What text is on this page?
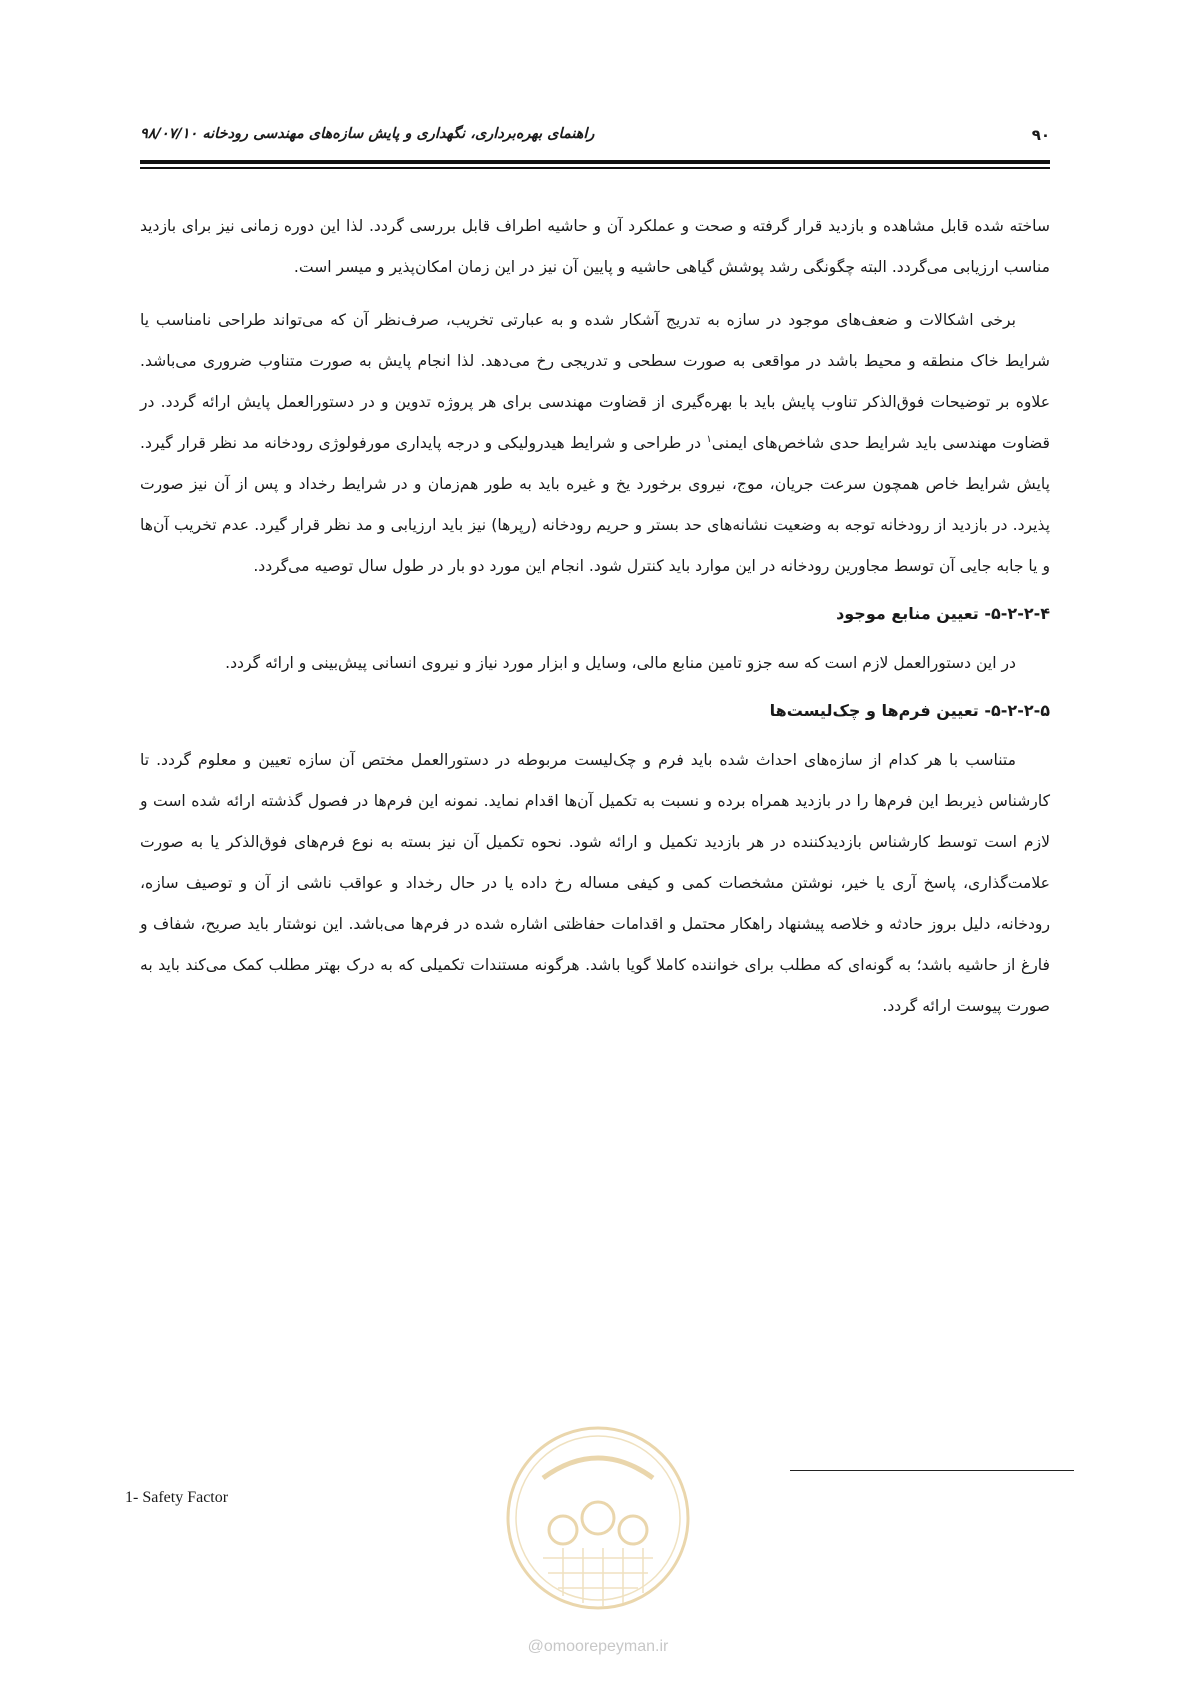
۹۰
راهنمای بهره‌برداری، نگهداری و پایش سازه‌های مهندسی رودخانه ۹۸/۰۷/۱۰

ساخته شده قابل مشاهده و بازدید قرار گرفته و صحت و عملکرد آن و حاشیه اطراف قابل بررسی گردد. لذا این دوره زمانی نیز برای بازدید مناسب ارزیابی می‌گردد. البته چگونگی رشد پوشش گیاهی حاشیه و پایین آن نیز در این زمان امکان‌پذیر و میسر است.

برخی اشکالات و ضعف‌های موجود در سازه به تدریج آشکار شده و به عبارتی تخریب، صرف‌نظر آن که می‌تواند طراحی نامناسب یا شرایط خاک منطقه و محیط باشد در مواقعی به صورت سطحی و تدریجی رخ می‌دهد. لذا انجام پایش به صورت متناوب ضروری می‌باشد. علاوه بر توضیحات فوق‌الذکر تناوب پایش باید با بهره‌گیری از قضاوت مهندسی برای هر پروژه تدوین و در دستورالعمل پایش ارائه گردد. در قضاوت مهندسی باید شرایط حدی شاخص‌های ایمنی$^۱$ در طراحی و شرایط هیدرولیکی و درجه پایداری مورفولوژی رودخانه مد نظر قرار گیرد. پایش شرایط خاص همچون سرعت جریان، موج، نیروی برخورد یخ و غیره باید به طور هم‌زمان و در شرایط رخداد و پس از آن نیز صورت پذیرد. در بازدید از رودخانه توجه به وضعیت نشانه‌های حد بستر و حریم رودخانه (رپرها) نیز باید ارزیابی و مد نظر قرار گیرد. عدم تخریب آن‌ها و یا جابه جایی آن توسط مجاورین رودخانه در این موارد باید کنترل شود. انجام این مورد دو بار در طول سال توصیه می‌گردد.

۵-۲-۲-۴- تعیین منابع موجود

در این دستورالعمل لازم است که سه جزو تامین منابع مالی، وسایل و ابزار مورد نیاز و نیروی انسانی پیش‌بینی و ارائه گردد.

۵-۲-۲-۵- تعیین فرم‌ها و چک‌لیست‌ها

متناسب با هر کدام از سازه‌های احداث شده باید فرم و چک‌لیست مربوطه در دستورالعمل مختص آن سازه تعیین و معلوم گردد. تا کارشناس ذیربط این فرم‌ها را در بازدید همراه برده و نسبت به تکمیل آن‌ها اقدام نماید. نمونه این فرم‌ها در فصول گذشته ارائه شده است و لازم است توسط کارشناس بازدیدکننده در هر بازدید تکمیل و ارائه شود. نحوه تکمیل آن نیز بسته به نوع فرم‌های فوق‌الذکر یا به صورت علامت‌گذاری، پاسخ آری یا خیر، نوشتن مشخصات کمی و کیفی مساله رخ داده یا در حال رخداد و عواقب ناشی از آن و توصیف سازه، رودخانه، دلیل بروز حادثه و خلاصه پیشنهاد راهکار محتمل و اقدامات حفاظتی اشاره شده در فرم‌ها می‌باشد. این نوشتار باید صریح، شفاف و فارغ از حاشیه باشد؛ به گونه‌ای که مطلب برای خواننده کاملا گویا باشد. هرگونه مستندات تکمیلی که به درک بهتر مطلب کمک می‌کند باید به صورت پیوست ارائه گردد.

1- Safety Factor
@omoorepeyman.ir
